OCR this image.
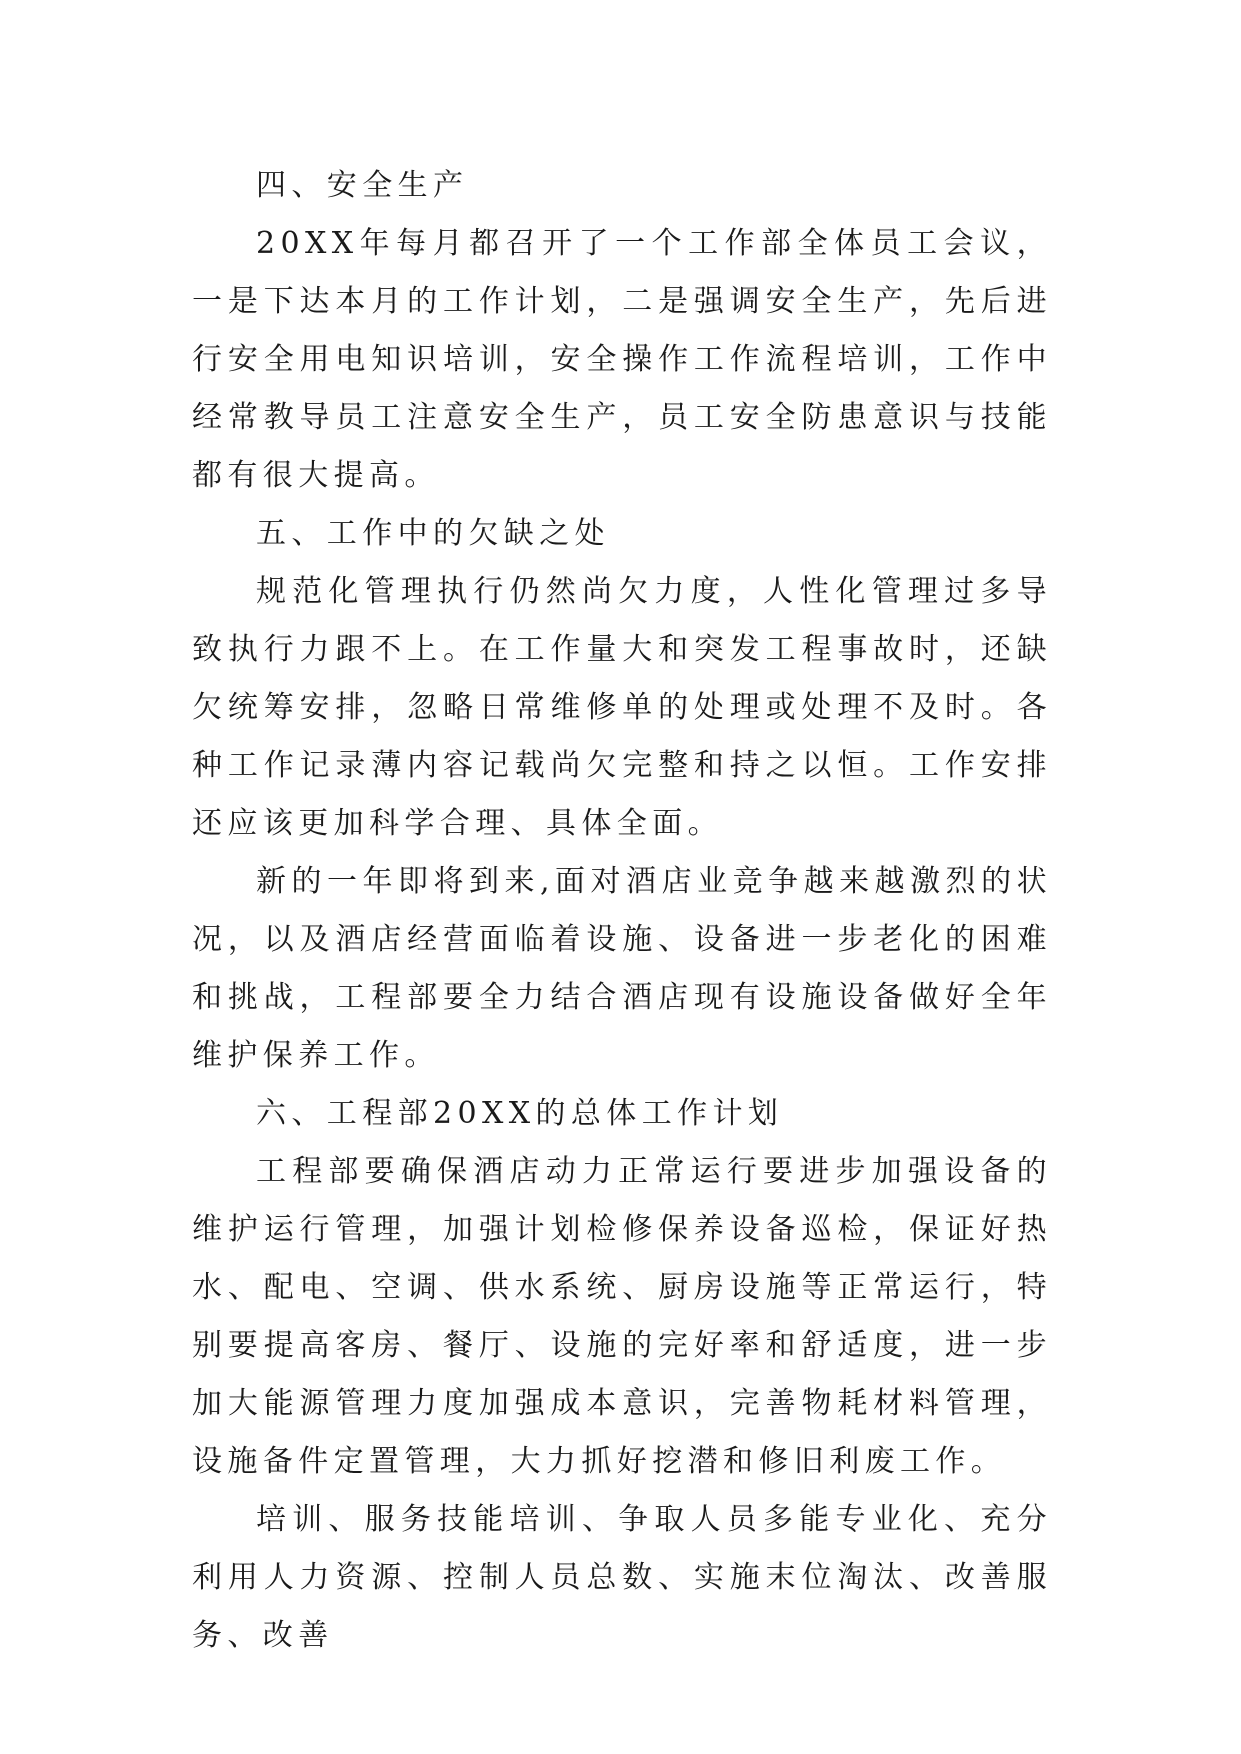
四、安全生产

20XX年每月都召开了一个工作部全体员工会议，一是下达本月的工作计划，二是强调安全生产，先后进行安全用电知识培训，安全操作工作流程培训，工作中经常教导员工注意安全生产，员工安全防患意识与技能都有很大提高。

五、工作中的欠缺之处

规范化管理执行仍然尚欠力度，人性化管理过多导致执行力跟不上。在工作量大和突发工程事故时，还缺欠统筹安排，忽略日常维修单的处理或处理不及时。各种工作记录薄内容记载尚欠完整和持之以恒。工作安排还应该更加科学合理、具体全面。

新的一年即将到来,面对酒店业竞争越来越激烈的状况，以及酒店经营面临着设施、设备进一步老化的困难和挑战，工程部要全力结合酒店现有设施设备做好全年维护保养工作。

六、工程部20XX的总体工作计划

工程部要确保酒店动力正常运行要进步加强设备的维护运行管理，加强计划检修保养设备巡检，保证好热水、配电、空调、供水系统、厨房设施等正常运行，特别要提高客房、餐厅、设施的完好率和舒适度，进一步加大能源管理力度加强成本意识，完善物耗材料管理，设施备件定置管理，大力抓好挖潜和修旧利废工作。

培训、服务技能培训、争取人员多能专业化、充分利用人力资源、控制人员总数、实施末位淘汰、改善服务、改善
